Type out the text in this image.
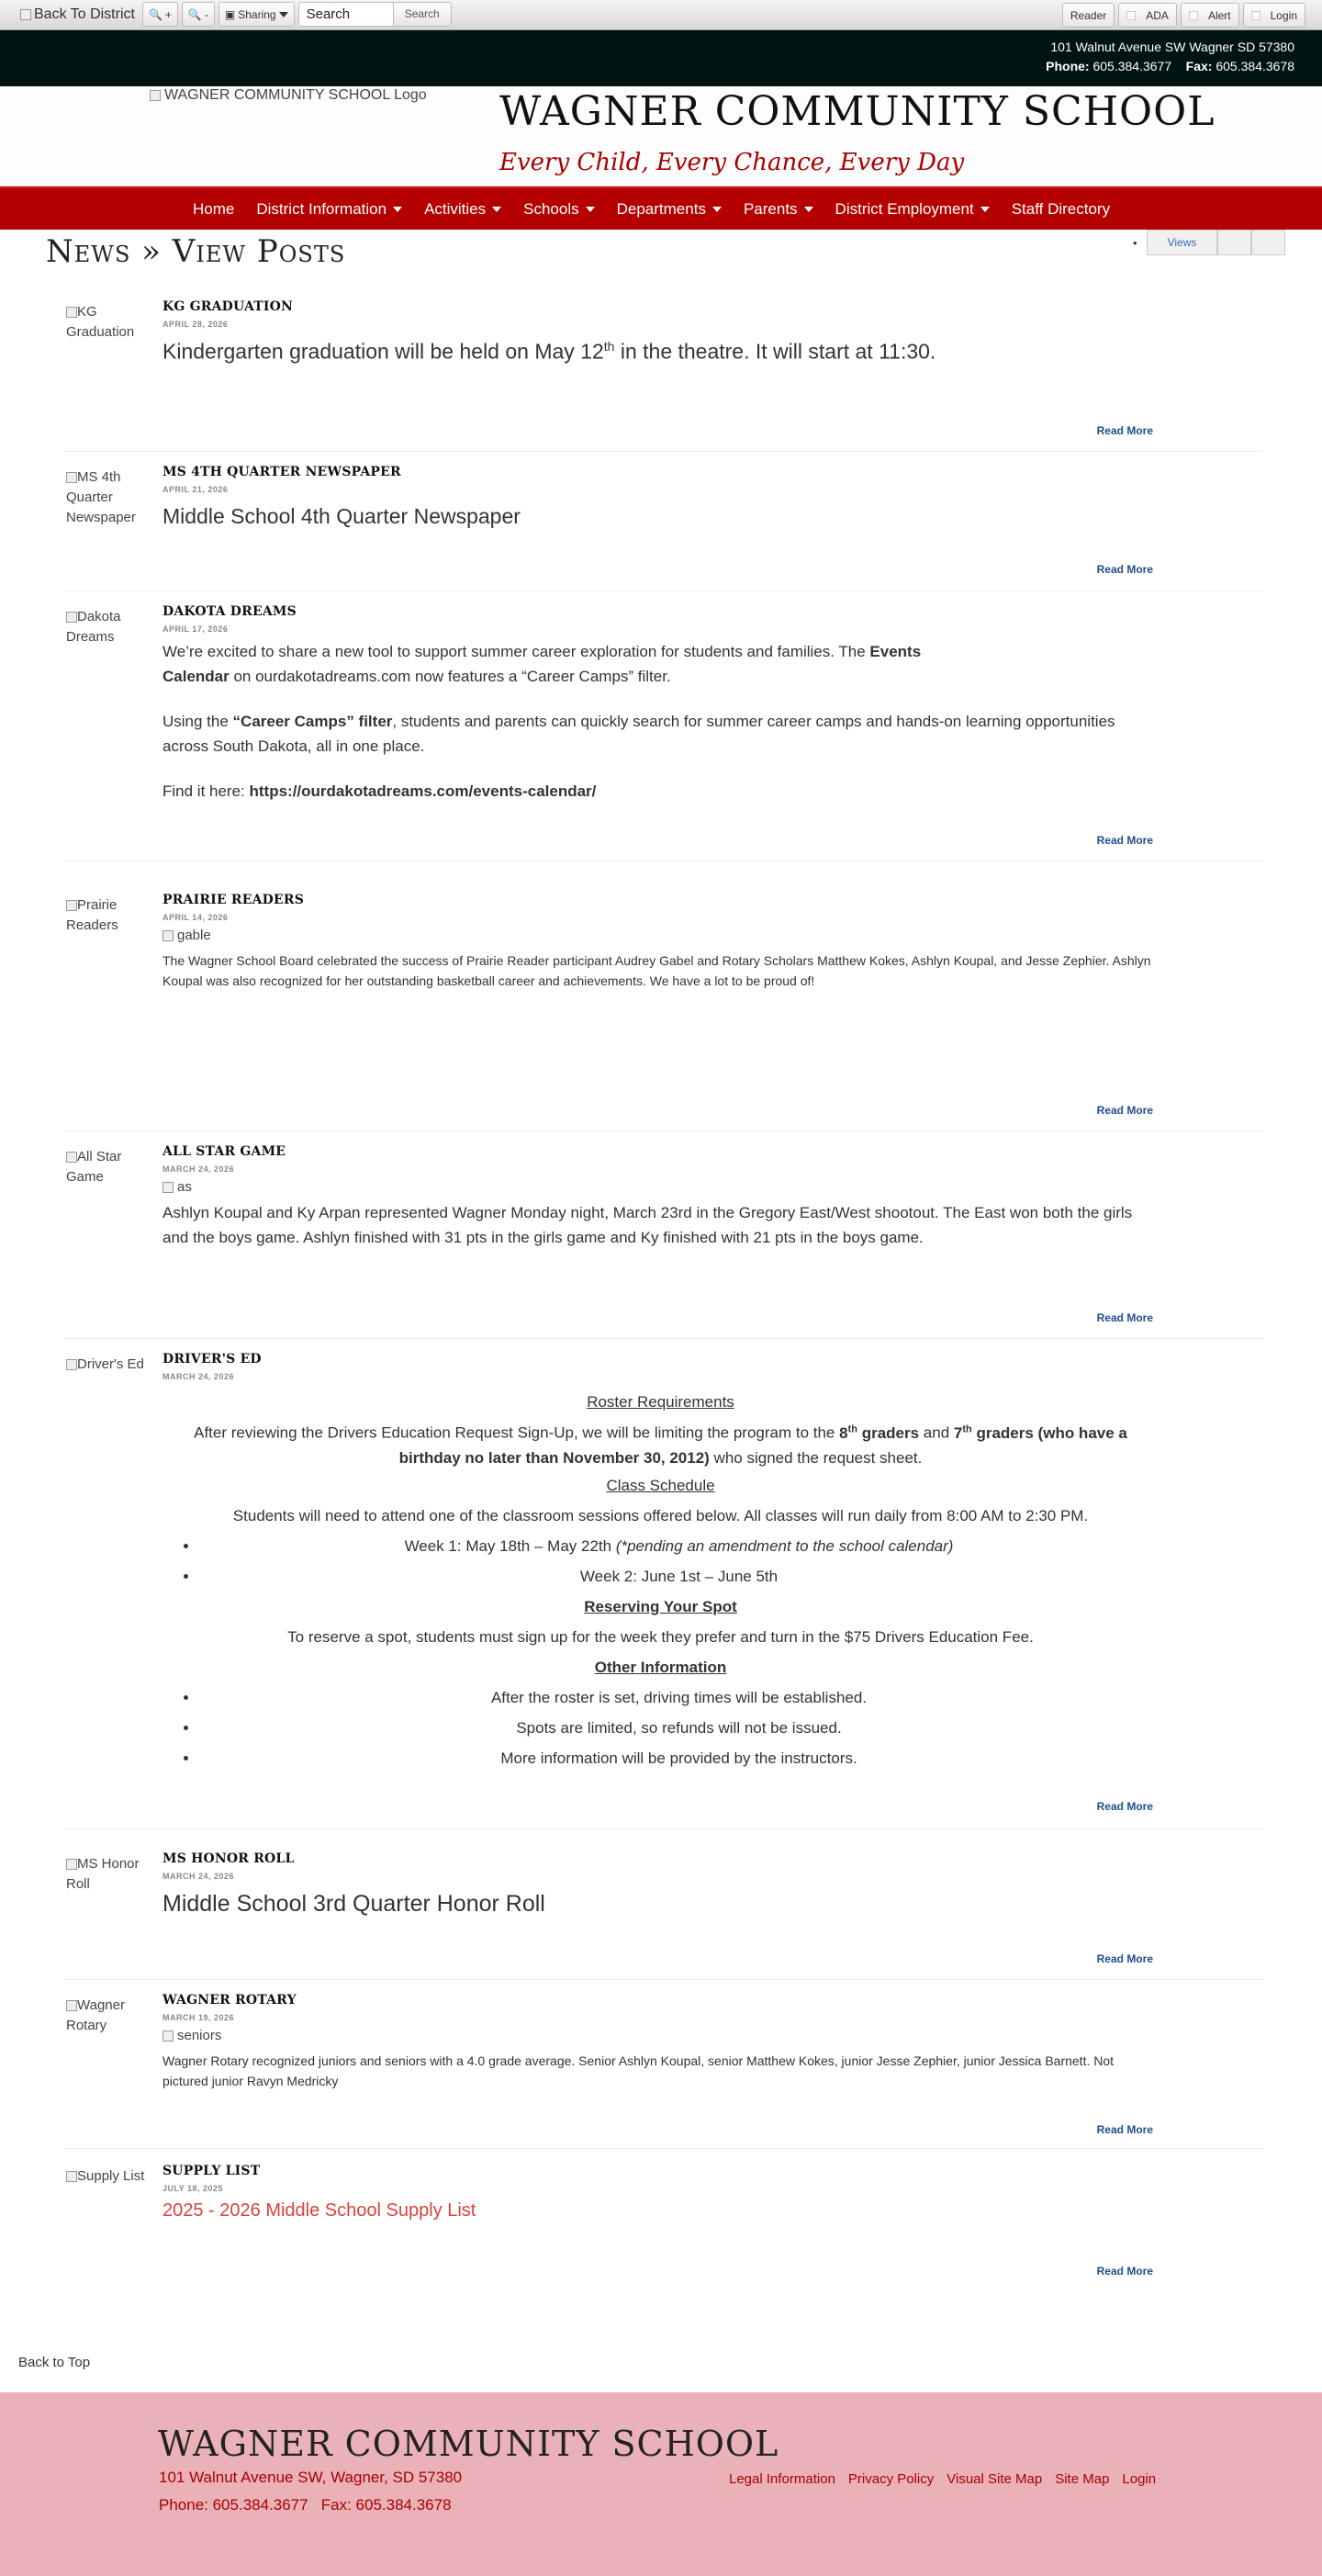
Back To District 🔍 + 🔍 - ▣ Sharing	Search	Search	Reader	ADA	Alert	Login
101 Walnut Avenue SW Wagner SD 57380
Phone: 605.384.3677 Fax: 605.384.3678
WAGNER COMMUNITY SCHOOL Logo WAGNER COMMUNITY SCHOOL
Every Child, Every Chance, Every Day
Home District Information Activities Schools Departments Parents District Employment Staff Directory
News » View Posts	•	Views
KG Graduation
KG GRADUATION
APRIL 28, 2026
Kindergarten graduation will be held on May 12th in the theatre. It will start at 11:30.
Read More
MS 4th Quarter Newspaper
MS 4TH QUARTER NEWSPAPER
APRIL 21, 2026
Middle School 4th Quarter Newspaper
Read More
Dakota Dreams
DAKOTA DREAMS
APRIL 17, 2026
We’re excited to share a new tool to support summer career exploration for students and families. The Events Calendar on ourdakotadreams.com now features a “Career Camps” filter.
Using the “Career Camps” filter, students and parents can quickly search for summer career camps and hands-on learning opportunities across South Dakota, all in one place.
Find it here: https://ourdakotadreams.com/events-calendar/
Read More
Prairie Readers
PRAIRIE READERS
APRIL 14, 2026
gable
The Wagner School Board celebrated the success of Prairie Reader participant Audrey Gabel and Rotary Scholars Matthew Kokes, Ashlyn Koupal, and Jesse Zephier. Ashlyn Koupal was also recognized for her outstanding basketball career and achievements. We have a lot to be proud of!
Read More
All Star Game
ALL STAR GAME
MARCH 24, 2026
as
Ashlyn Koupal and Ky Arpan represented Wagner Monday night, March 23rd in the Gregory East/West shootout. The East won both the girls and the boys game. Ashlyn finished with 31 pts in the girls game and Ky finished with 21 pts in the boys game.
Read More
Driver's Ed	DRIVER'S ED
MARCH 24, 2026
Roster Requirements
After reviewing the Drivers Education Request Sign-Up, we will be limiting the program to the 8th graders and 7th graders (who have a birthday no later than November 30, 2012) who signed the request sheet.
Class Schedule
Students will need to attend one of the classroom sessions offered below. All classes will run daily from 8:00 AM to 2:30 PM.
• Week 1: May 18th – May 22th (*pending an amendment to the school calendar)
• Week 2: June 1st – June 5th
Reserving Your Spot
To reserve a spot, students must sign up for the week they prefer and turn in the $75 Drivers Education Fee.
Other Information
• After the roster is set, driving times will be established.
• Spots are limited, so refunds will not be issued.
• More information will be provided by the instructors.
Read More
MS Honor Roll
MS HONOR ROLL
MARCH 24, 2026
Middle School 3rd Quarter Honor Roll
Read More
Wagner Rotary
WAGNER ROTARY
MARCH 19, 2026
seniors
Wagner Rotary recognized juniors and seniors with a 4.0 grade average. Senior Ashlyn Koupal, senior Matthew Kokes, junior Jesse Zephier, junior Jessica Barnett. Not pictured junior Ravyn Medricky
Read More
Supply List	SUPPLY LIST
JULY 18, 2025
2025 - 2026 Middle School Supply List
Read More
Back to Top
WAGNER COMMUNITY SCHOOL
101 Walnut Avenue SW, Wagner, SD 57380
Phone: 605.384.3677   Fax: 605.384.3678
Legal Information Privacy Policy Visual Site Map Site Map Login
